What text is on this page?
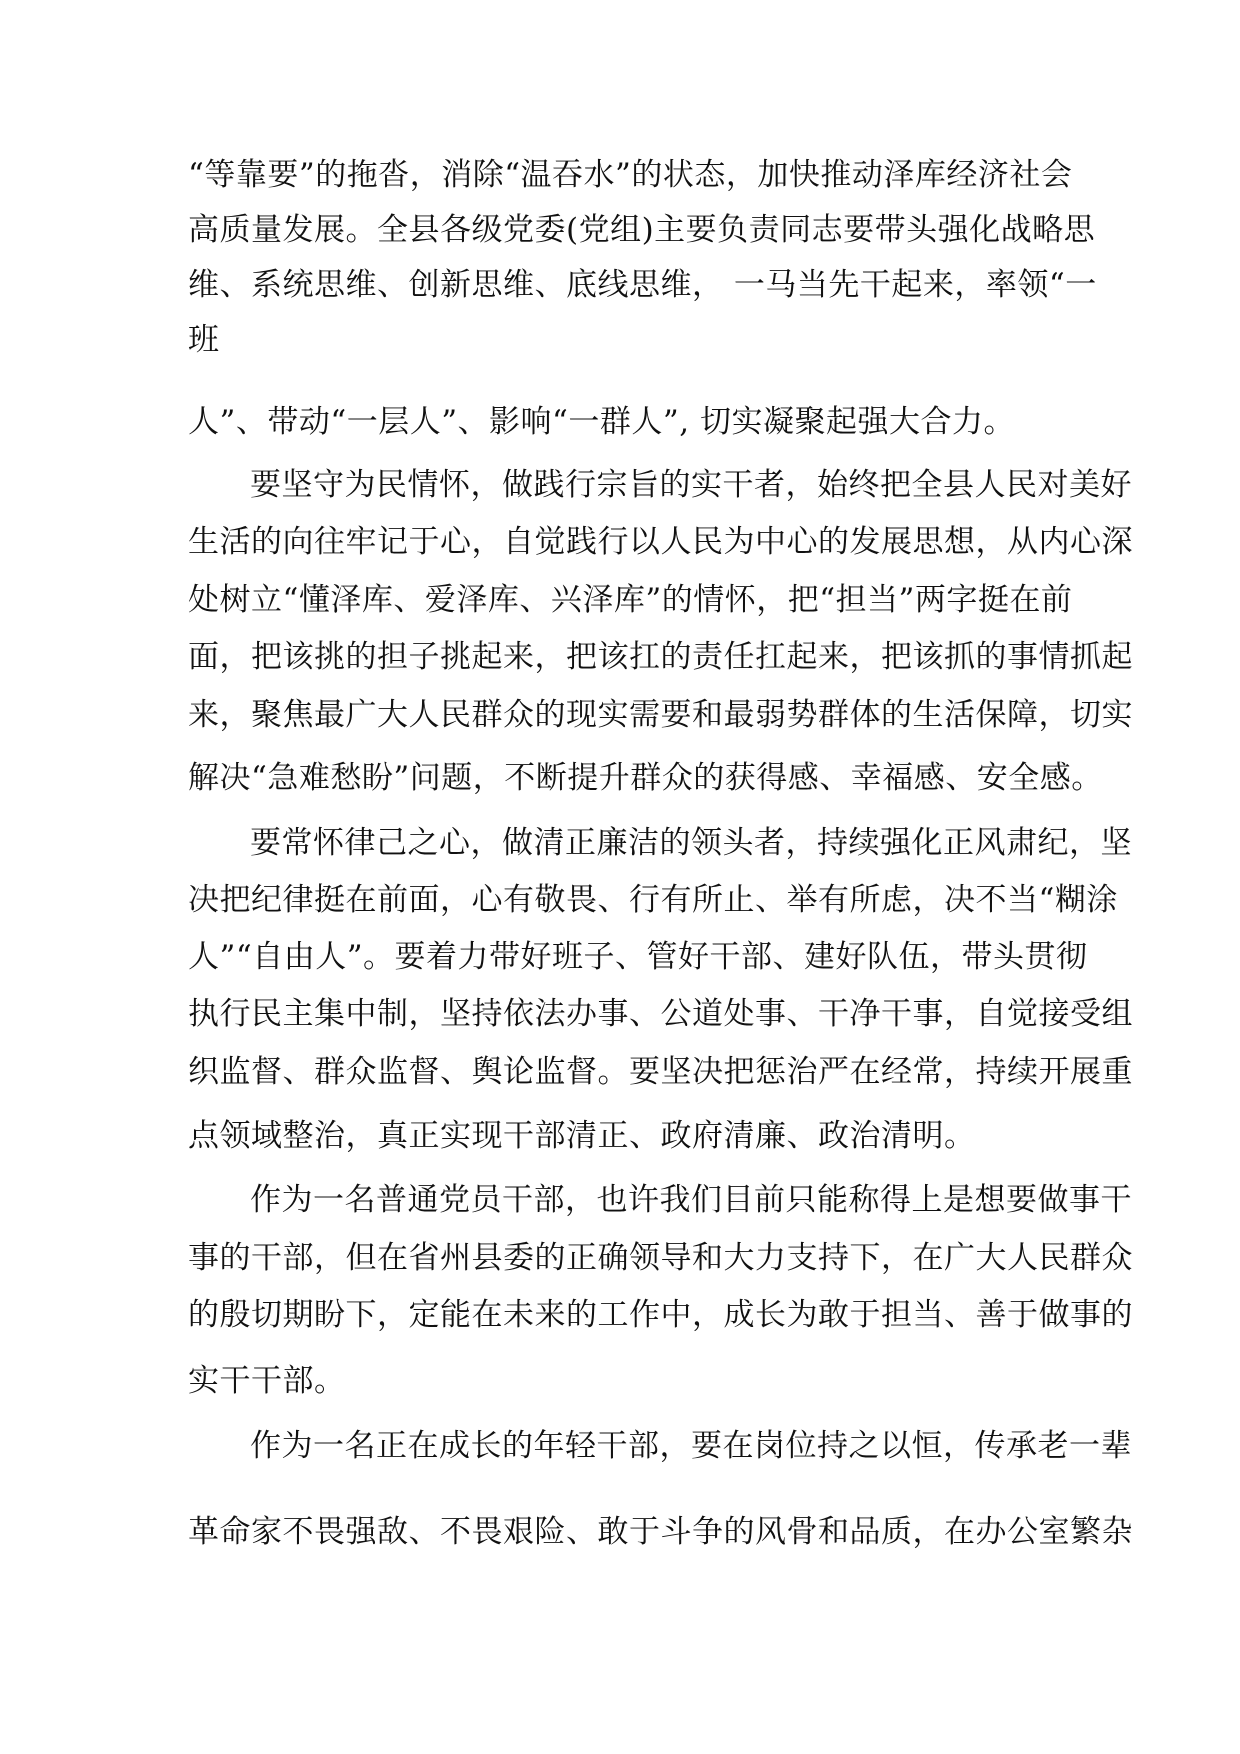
“等靠要”的拖沓，消除“温吞水”的状态，加快推动泽库经济社会
高质量发展。全县各级党委(党组)主要负责同志要带头强化战略思
维、系统思维、创新思维、底线思维， 一马当先干起来，率领“一
班
人”、带动“一层人”、影响“一群人”, 切实凝聚起强大合力。
要坚守为民情怀，做践行宗旨的实干者，始终把全县人民对美好
生活的向往牢记于心，自觉践行以人民为中心的发展思想，从内心深
处树立“懂泽库、爱泽库、兴泽库”的情怀，把“担当”两字挺在前
面，把该挑的担子挑起来，把该扛的责任扛起来，把该抓的事情抓起
来，聚焦最广大人民群众的现实需要和最弱势群体的生活保障，切实
解决“急难愁盼”问题，不断提升群众的获得感、幸福感、安全感。
要常怀律己之心，做清正廉洁的领头者，持续强化正风肃纪，坚
决把纪律挺在前面，心有敬畏、行有所止、举有所虑，决不当“糊涂
人”“自由人”。要着力带好班子、管好干部、建好队伍，带头贯彻
执行民主集中制，坚持依法办事、公道处事、干净干事，自觉接受组
织监督、群众监督、舆论监督。要坚决把惩治严在经常，持续开展重
点领域整治，真正实现干部清正、政府清廉、政治清明。
作为一名普通党员干部，也许我们目前只能称得上是想要做事干
事的干部，但在省州县委的正确领导和大力支持下，在广大人民群众
的殷切期盼下，定能在未来的工作中，成长为敢于担当、善于做事的
实干干部。
作为一名正在成长的年轻干部，要在岗位持之以恒，传承老一辈
革命家不畏强敌、不畏艰险、敢于斗争的风骨和品质，在办公室繁杂
